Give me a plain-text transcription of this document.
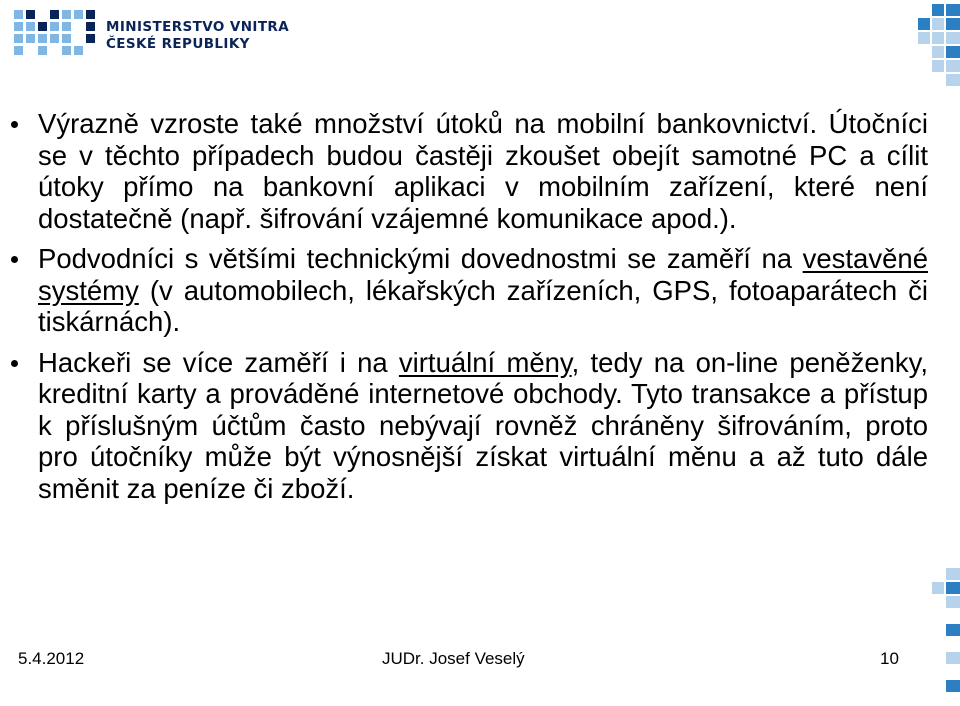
MINISTERSTVO VNITRA
ČESKÉ REPUBLIKY
Výrazně vzroste také množství útoků na mobilní bankovnictví. Útočníci se v těchto případech budou častěji zkoušet obejít samotné PC a cílit útoky přímo na bankovní aplikaci v mobilním zařízení, které není dostatečně (např. šifrování vzájemné komunikace apod.).
Podvodníci s většími technickými dovednostmi se zaměří na vestavěné systémy (v automobilech, lékařských zařízeních, GPS, fotoaparátech či tiskárnách).
Hackeři se více zaměří i na virtuální měny, tedy na on-line peněženky, kreditní karty a prováděné internetové obchody. Tyto transakce a přístup k příslušným účtům často nebývají rovněž chráněny šifrováním, proto pro útočníky může být výnosnější získat virtuální měnu a až tuto dále směnit za peníze či zboží.
5.4.2012	JUDr. Josef Veselý	10
